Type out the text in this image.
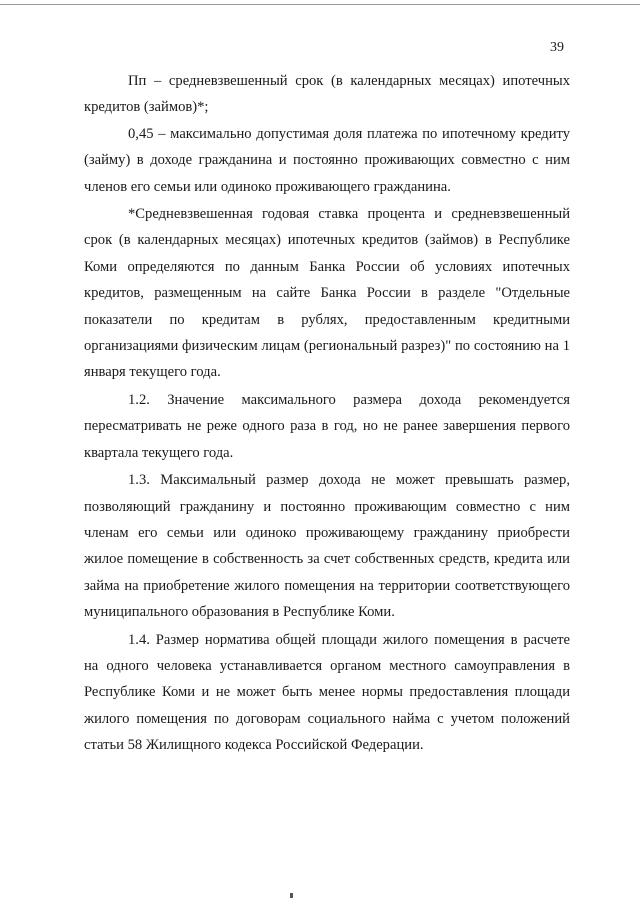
39

Пп – средневзвешенный срок (в календарных месяцах) ипотечных кредитов (займов)*;

0,45 – максимально допустимая доля платежа по ипотечному кредиту (займу) в доходе гражданина и постоянно проживающих совместно с ним членов его семьи или одиноко проживающего гражданина.

*Средневзвешенная годовая ставка процента и средневзвешенный срок (в календарных месяцах) ипотечных кредитов (займов) в Республике Коми определяются по данным Банка России об условиях ипотечных кредитов, размещенным на сайте Банка России в разделе "Отдельные показатели по кредитам в рублях, предоставленным кредитными организациями физическим лицам (региональный разрез)" по состоянию на 1 января текущего года.

1.2. Значение максимального размера дохода рекомендуется пересматривать не реже одного раза в год, но не ранее завершения первого квартала текущего года.

1.3. Максимальный размер дохода не может превышать размер, позволяющий гражданину и постоянно проживающим совместно с ним членам его семьи или одиноко проживающему гражданину приобрести жилое помещение в собственность за счет собственных средств, кредита или займа на приобретение жилого помещения на территории соответствующего муниципального образования в Республике Коми.

1.4. Размер норматива общей площади жилого помещения в расчете на одного человека устанавливается органом местного самоуправления в Республике Коми и не может быть менее нормы предоставления площади жилого помещения по договорам социального найма с учетом положений статьи 58 Жилищного кодекса Российской Федерации.
